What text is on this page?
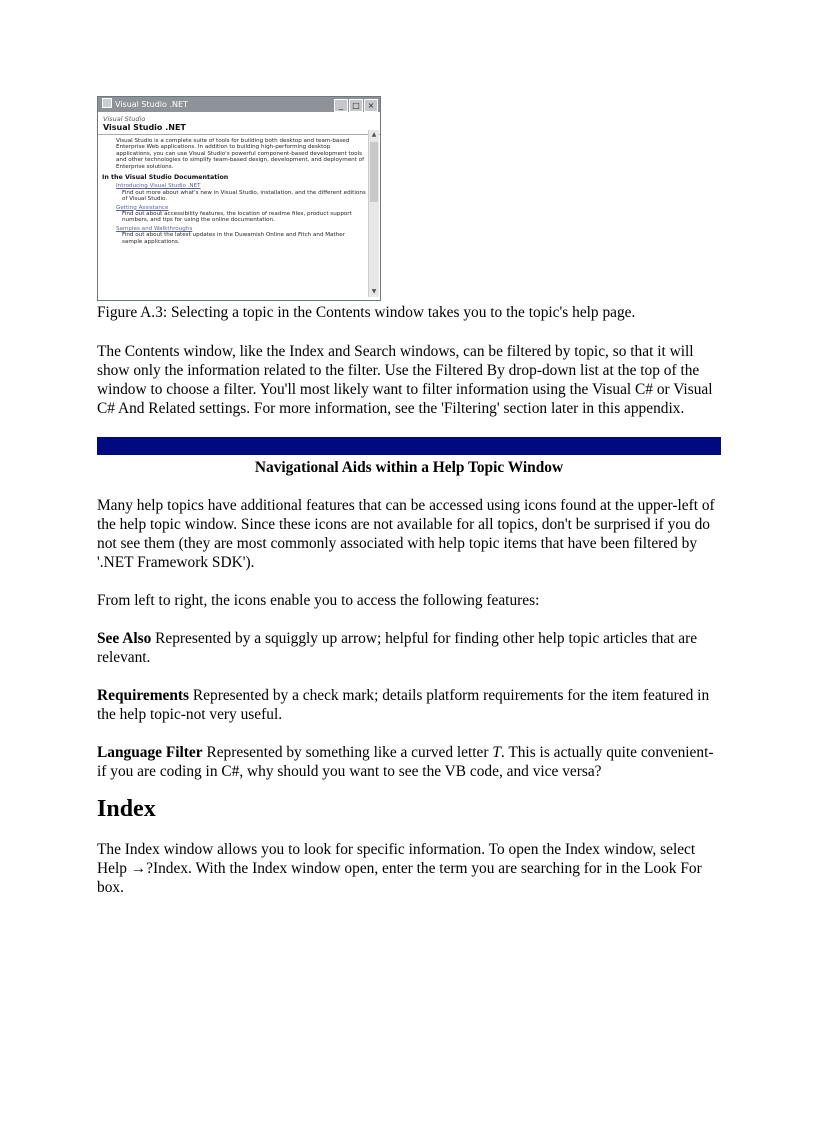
Visual Studio .NET	_ □ ×
Visual Studio
Visual Studio .NET
Visual Studio is a complete suite of tools for building both desktop and team-based Enterprise Web applications. In addition to building high-performing desktop applications, you can use Visual Studio's powerful component-based development tools and other technologies to simplify team-based design, development, and deployment of Enterprise solutions.
In the Visual Studio Documentation
Introducing Visual Studio .NET
Find out more about what's new in Visual Studio, installation, and the different editions of Visual Studio.
Getting Assistance
Find out about accessibility features, the location of readme files, product support numbers, and tips for using the online documentation.
Samples and Walkthroughs
Find out about the latest updates in the Duwamish Online and Fitch and Mather sample applications.
▲
▼
Figure A.3: Selecting a topic in the Contents window takes you to the topic's help page.

The Contents window, like the Index and Search windows, can be filtered by topic, so that it will show only the information related to the filter. Use the Filtered By drop-down list at the top of the window to choose a filter. You'll most likely want to filter information using the Visual C# or Visual C# And Related settings. For more information, see the 'Filtering' section later in this appendix.

Navigational Aids within a Help Topic Window

Many help topics have additional features that can be accessed using icons found at the upper-left of the help topic window. Since these icons are not available for all topics, don't be surprised if you do not see them (they are most commonly associated with help topic items that have been filtered by '.NET Framework SDK').

From left to right, the icons enable you to access the following features:

See Also Represented by a squiggly up arrow; helpful for finding other help topic articles that are relevant.

Requirements Represented by a check mark; details platform requirements for the item featured in the help topic-not very useful.

Language Filter Represented by something like a curved letter T. This is actually quite convenient- if you are coding in C#, why should you want to see the VB code, and vice versa?

Index

The Index window allows you to look for specific information. To open the Index window, select Help →?Index. With the Index window open, enter the term you are searching for in the Look For box.
